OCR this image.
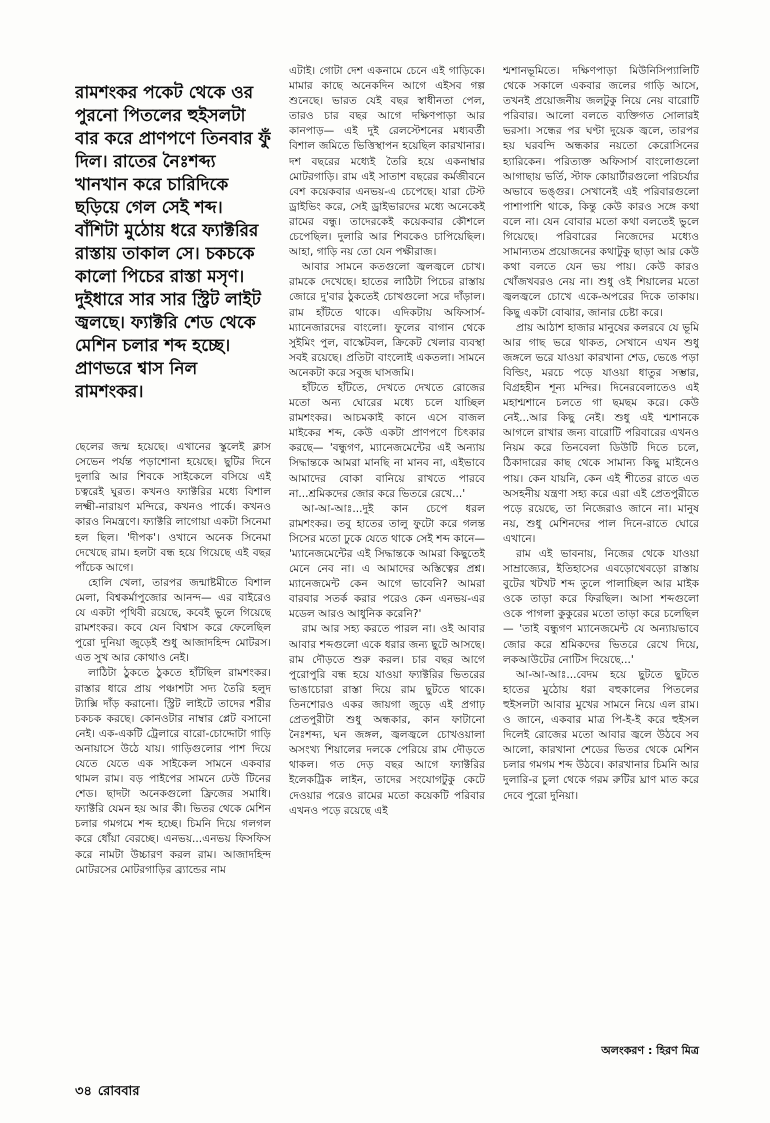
রামশংকর পকেট থেকে ওর পুরনো পিতলের হুইসলটা বার করে প্রাণপণে তিনবার ফুঁ দিল। রাতের নৈঃশব্দ্য খানখান করে চারিদিকে ছড়িয়ে গেল সেই শব্দ। বাঁশিটা মুঠোয় ধরে ফ্যাক্টরির রাস্তায় তাকাল সে। চকচকে কালো পিচের রাস্তা মসৃণ। দুইধারে সার সার স্ট্রিট লাইট জ্বলছে। ফ্যাক্টরি শেড থেকে মেশিন চলার শব্দ হচ্ছে। প্রাণভরে শ্বাস নিল রামশংকর।

ছেলের জন্ম হয়েছে। এখানের স্কুলেই ক্লাস সেভেন পর্যন্ত পড়াশোনা হয়েছে। ছুটির দিনে দুলারি আর শিবকে সাইকেলে বসিয়ে এই চত্বরেই ঘুরত। কখনও ফ্যাক্টরির মধ্যে বিশাল লক্ষ্মী-নারায়ণ মন্দিরে, কখনও পার্কে। কখনও কারও নিমন্ত্রণে। ফ্যাক্টরি লাগোয়া একটা সিনেমা হল ছিল। 'দীপক'। ওখানে অনেক সিনেমা দেখেছে রাম। হলটা বন্ধ হয়ে গিয়েছে এই বছর পাঁচেক আগে।

হোলি খেলা, তারপর জন্মাষ্টমীতে বিশাল মেলা, বিশ্বকর্মাপুজোর আনন্দ— এর বাইরেও যে একটা পৃথিবী রয়েছে, কবেই ভুলে গিয়েছে রামশংকর। কবে যেন বিশ্বাস করে ফেলেছিল পুরো দুনিয়া জুড়েই শুধু আজাদহিন্দ মোটরস। এত সুখ আর কোথাও নেই।

লাঠিটা ঠুকতে ঠুকতে হাঁটছিল রামশংকর। রাস্তার ধারে প্রায় পঞ্চাশটা সদ্য তৈরি হলুদ ট্যাক্সি দাঁড় করানো। স্ট্রিট লাইটে তাদের শরীর চকচক করছে। কোনওটার নাম্বার প্লেট বসানো নেই। এক-একটি ট্রেলারে বারো-চোদ্দোটা গাড়ি অনায়াসে উঠে যায়। গাড়িগুলোর পাশ দিয়ে যেতে যেতে এক সাইকেল সামনে একবার থামল রাম। বড় পাইপের সামনে ঢেউ টিনের শেড। ছাদটা অনেকগুলো ফ্রিজের সমাধি। ফ্যাক্টরি যেমন হয় আর কী। ভিতর থেকে মেশিন চলার গমগমে শব্দ হচ্ছে। চিমনি দিয়ে গলগল করে ধোঁয়া বেরচ্ছে। এনভয়...এনভয় ফিসফিস করে নামটা উচ্চারণ করল রাম। আজাদহিন্দ মোটরসের মোটরগাড়ির ব্র্যান্ডের নাম

এটাই। গোটা দেশ একনামে চেনে এই গাড়িকে। মামার কাছে অনেকদিন আগে এইসব গল্প শুনেছে। ভারত যেই বছর স্বাধীনতা পেল, তারও চার বছর আগে দক্ষিণপাড়া আর কানপাড়— এই দুই রেলস্টেশনের মধ্যবর্তী বিশাল জমিতে ভিত্তিস্থাপন হয়েছিল কারখানার। দশ বছরের মধ্যেই তৈরি হয়ে একনাম্বার মোটরগাড়ি। রাম এই সাতাশ বছরের কর্মজীবনে বেশ কয়েকবার এনভয়-এ চেপেছে। যারা টেস্ট ড্রাইভিং করে, সেই ড্রাইভারদের মধ্যে অনেকেই রামের বন্ধু। তাদেরকেই কয়েকবার কৌশলে চেপেছিল। দুলারি আর শিবকেও চাপিয়েছিল। আহা, গাড়ি নয় তো যেন পক্ষীরাজ।

আবার সামনে কতগুলো জ্বলজ্বলে চোখ। রামকে দেখেছে। হাতের লাঠিটা পিচের রাস্তায় জোরে দু'বার ঠুকতেই চোখগুলো সরে দাঁড়াল। রাম হাঁটতে থাকে। এদিকটায় অফিসার্স-ম্যানেজারদের বাংলো। ফুলের বাগান থেকে সুইমিং পুল, বাস্কেটবল, ক্রিকেট খেলার ব্যবস্থা সবই রয়েছে। প্রতিটা বাংলোই একতলা। সামনে অনেকটা করে সবুজ ঘাসজমি।

হাঁটতে হাঁটতে, দেখতে দেখতে রোজের মতো অন্য ঘোরের মধ্যে চলে যাচ্ছিল রামশংকর। আচমকাই কানে এসে বাজল মাইকের শব্দ, কেউ একটা প্রাণপণে চিৎকার করছে— 'বন্ধুগণ, ম্যানেজমেন্টের এই অন্যায় সিদ্ধান্তকে আমরা মানছি না মানব না, এইভাবে আমাদের বোকা বানিয়ে রাখতে পারবে না...শ্রমিকদের জোর করে ভিতরে রেখে...'

আ-আ-আঃ...দুই কান চেপে ধরল রামশংকর। তবু হাতের তালু ফুটো করে গলন্ত সিসের মতো ঢুকে যেতে থাকে সেই শব্দ কানে— 'ম্যানেজমেন্টের এই সিদ্ধান্তকে আমরা কিছুতেই মেনে নেব না। এ আমাদের অস্তিত্বের প্রশ্ন। ম্যানেজমেন্ট কেন আগে ভাবেনি? আমরা বারবার সতর্ক করার পরেও কেন এনভয়-এর মডেল আরও আধুনিক করেনি?'

রাম আর সহ্য করতে পারল না। ওই আবার আবার শব্দগুলো একে ধরার জন্য ছুটে আসছে। রাম দৌড়তে শুরু করল। চার বছর আগে পুরোপুরি বন্ধ হয়ে যাওয়া ফ্যাক্টরির ভিতরের ভাঙাচোরা রাস্তা দিয়ে রাম ছুটতে থাকে। তিনশোরও একর জায়গা জুড়ে এই প্রগাঢ় প্রেতপুরীটা শুধু অন্ধকার, কান ফাটানো নৈঃশব্দ্য, ঘন জঙ্গল, জ্বলজ্বলে চোখওয়ালা অসংখ্য শিয়ালের দলকে পেরিয়ে রাম দৌড়তে থাকল। গত দেড় বছর আগে ফ্যাক্টরির ইলেকট্রিক লাইন, তাদের সংযোগটুকু কেটে দেওয়ার পরেও রামের মতো কয়েকটি পরিবার এখনও পড়ে রয়েছে এই

শ্মশানভূমিতে। দক্ষিণপাড়া মিউনিসিপ্যালিটি থেকে সকালে একবার জলের গাড়ি আসে, তখনই প্রয়োজনীয় জলটুকু নিয়ে নেয় বারোটি পরিবার। আলো বলতে ব্যক্তিগত সোলারই ভরসা। সন্ধের পর ঘণ্টা দুয়েক জ্বলে, তারপর হয় ঘরবন্দি অন্ধকার নয়তো কেরোসিনের হ্যারিকেন। পরিত্যক্ত অফিসার্স বাংলোগুলো আগাছায় ভর্তি, স্টাফ কোয়ার্টারগুলো পরিচর্যার অভাবে ভঙ্গুর। সেখানেই এই পরিবারগুলো পাশাপাশি থাকে, কিন্তু কেউ কারও সঙ্গে কথা বলে না। যেন বোবার মতো কথা বলতেই ভুলে গিয়েছে। পরিবারের নিজেদের মধ্যেও সামান্যতম প্রয়োজনের কথাটুকু ছাড়া আর কেউ কথা বলতে যেন ভয় পায়। কেউ কারও খোঁজখবরও নেয় না। শুধু ওই শিয়ালের মতো জ্বলজ্বলে চোখে একে-অপরের দিকে তাকায়। কিছু একটা বোঝার, জানার চেষ্টা করে।

প্রায় আঠাশ হাজার মানুষের কলরবে যে ভূমি আর গাছ ভরে থাকত, সেখানে এখন শুধু জঙ্গলে ভরে যাওয়া কারখানা শেড, ভেঙে পড়া বিল্ডিং, মরচে পড়ে যাওয়া ধাতুর সম্ভার, বিগ্রহহীন শূন্য মন্দির। দিনেরবেলাতেও এই মহাশ্মশানে চলতে গা ছমছম করে। কেউ নেই...আর কিছু নেই। শুধু এই শ্মশানকে আগলে রাখার জন্য বারোটি পরিবারের এখনও নিয়ম করে তিনবেলা ডিউটি দিতে চলে, ঠিকাদারের কাছ থেকে সামান্য কিছু মাইনেও পায়। কেন যায়নি, কেন এই শীতের রাতে এত অসহনীয় যন্ত্রণা সহ্য করে এরা এই প্রেতপুরীতে পড়ে রয়েছে, তা নিজেরাও জানে না। মানুষ নয়, শুধু মেশিনদের পাল দিনে-রাতে ঘোরে এখানে।

রাম এই ভাবনায়, নিজের থেকে যাওয়া সাম্রাজ্যের, ইতিহাসের এবড়োখেবড়ো রাস্তায় বুটের খটখট শব্দ তুলে পালাচ্ছিল আর মাইক ওকে তাড়া করে ফিরছিল। আসা শব্দগুলো ওকে পাগলা কুকুরের মতো তাড়া করে চলেছিল— 'তাই বন্ধুগণ ম্যানেজমেন্ট যে অন্যায়ভাবে জোর করে শ্রমিকদের ভিতরে রেখে দিয়ে, লকআউটের নোটিস দিয়েছে...'

আ-আ-আঃ...বেদম হয়ে ছুটতে ছুটতে হাতের মুঠোয় ধরা বহুকালের পিতলের হুইসলটা আবার মুখের সামনে নিয়ে এল রাম। ও জানে, একবার মাত্র পি-ই-ই করে হুইসল দিলেই রোজের মতো আবার জ্বলে উঠবে সব আলো, কারখানা শেডের ভিতর থেকে মেশিন চলার গমগম শব্দ উঠবে। কারখানার চিমনি আর দুলারি-র চুলা থেকে গরম রুটির ঘ্রাণ মাত করে দেবে পুরো দুনিয়া।

অলংকরণ : হিরণ মিত্র
৩৪ রোববার
